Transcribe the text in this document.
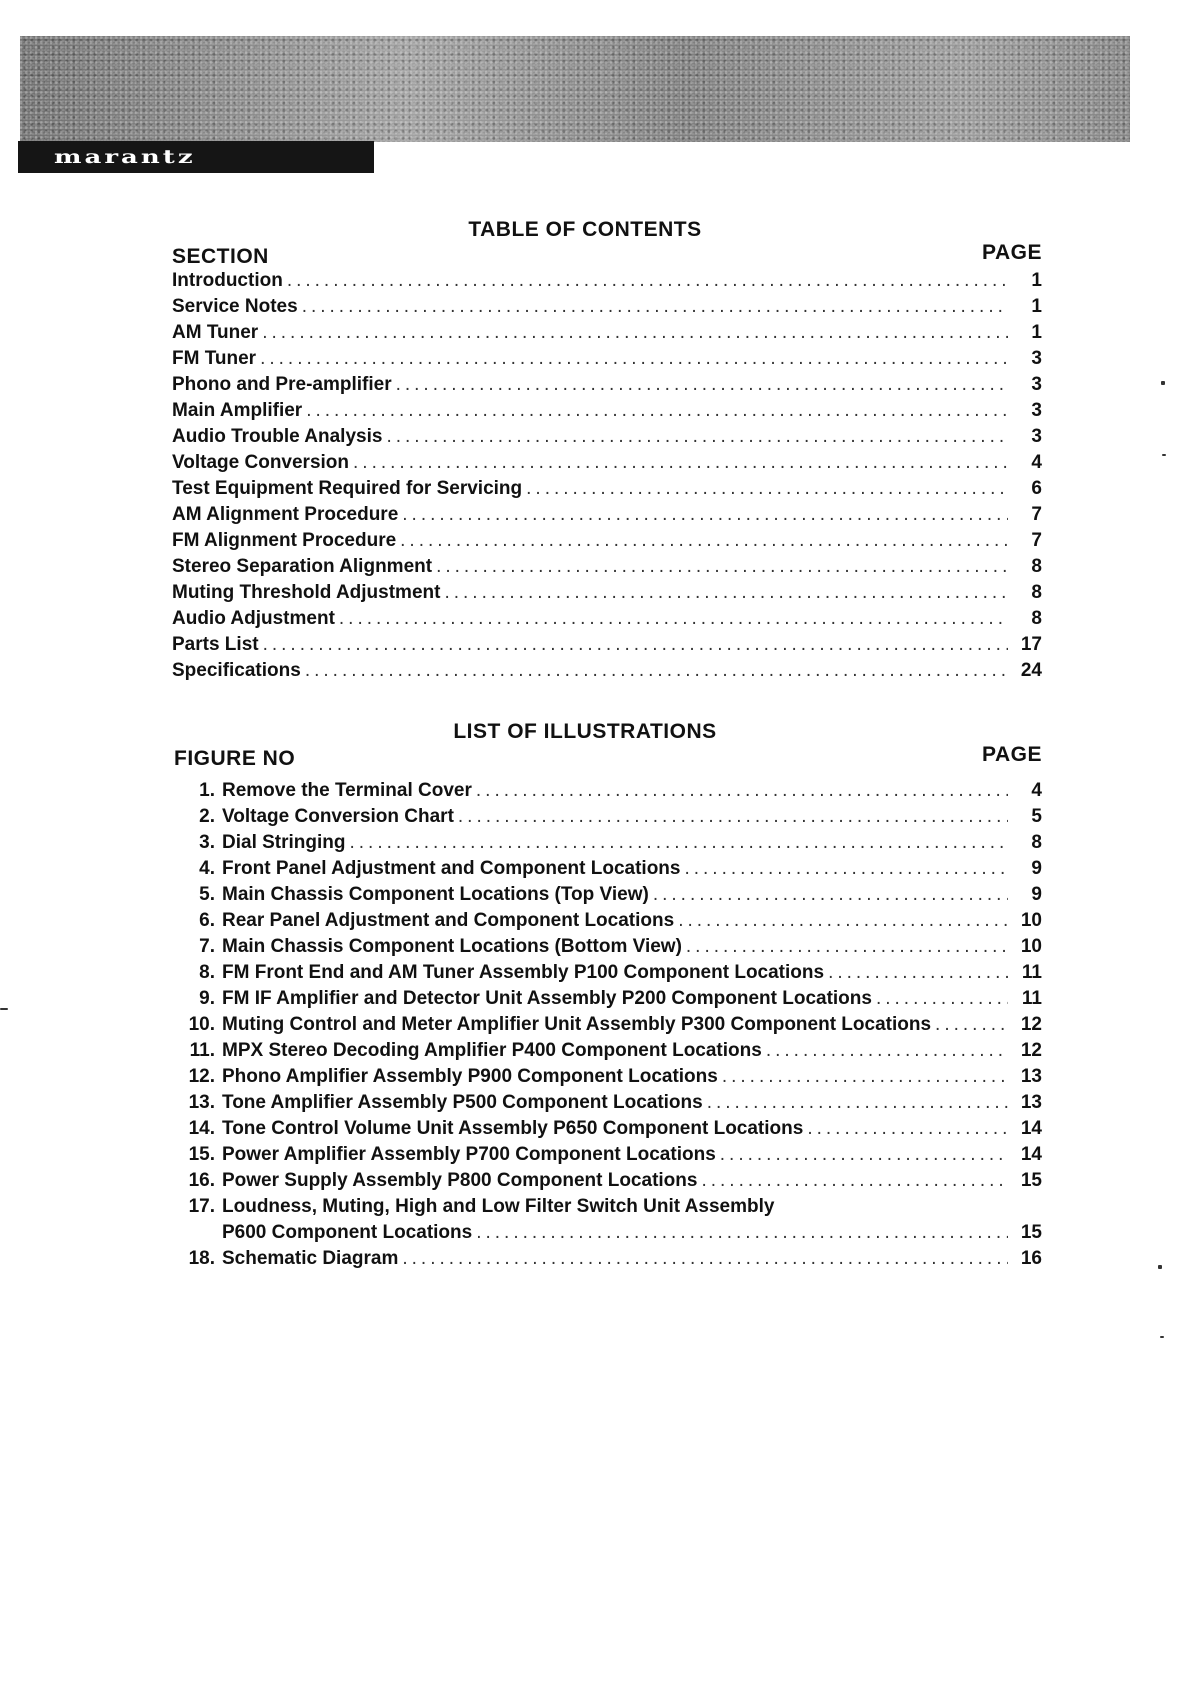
marantz
TABLE OF CONTENTS
SECTION	PAGE
Introduction .....	1
Service Notes .....	1
AM Tuner .....	1
FM Tuner .....	3
Phono and Pre-amplifier .....	3
Main Amplifier .....	3
Audio Trouble Analysis .....	3
Voltage Conversion .....	4
Test Equipment Required for Servicing .....	6
AM Alignment Procedure .....	7
FM Alignment Procedure .....	7
Stereo Separation Alignment .....	8
Muting Threshold Adjustment .....	8
Audio Adjustment .....	8
Parts List .....	17
Specifications .....	24
LIST OF ILLUSTRATIONS
FIGURE NO	PAGE
1. Remove the Terminal Cover .....	4
2. Voltage Conversion Chart .....	5
3. Dial Stringing .....	8
4. Front Panel Adjustment and Component Locations .....	9
5. Main Chassis Component Locations (Top View) .....	9
6. Rear Panel Adjustment and Component Locations .....	10
7. Main Chassis Component Locations (Bottom View) .....	10
8. FM Front End and AM Tuner Assembly P100 Component Locations .....	11
9. FM IF Amplifier and Detector Unit Assembly P200 Component Locations .....	11
10. Muting Control and Meter Amplifier Unit Assembly P300 Component Locations .....	12
11. MPX Stereo Decoding Amplifier P400 Component Locations .....	12
12. Phono Amplifier Assembly P900 Component Locations .....	13
13. Tone Amplifier Assembly P500 Component Locations .....	13
14. Tone Control Volume Unit Assembly P650 Component Locations .....	14
15. Power Amplifier Assembly P700 Component Locations .....	14
16. Power Supply Assembly P800 Component Locations .....	15
17. Loudness, Muting, High and Low Filter Switch Unit Assembly
P600 Component Locations .....	15
18. Schematic Diagram .....	16
